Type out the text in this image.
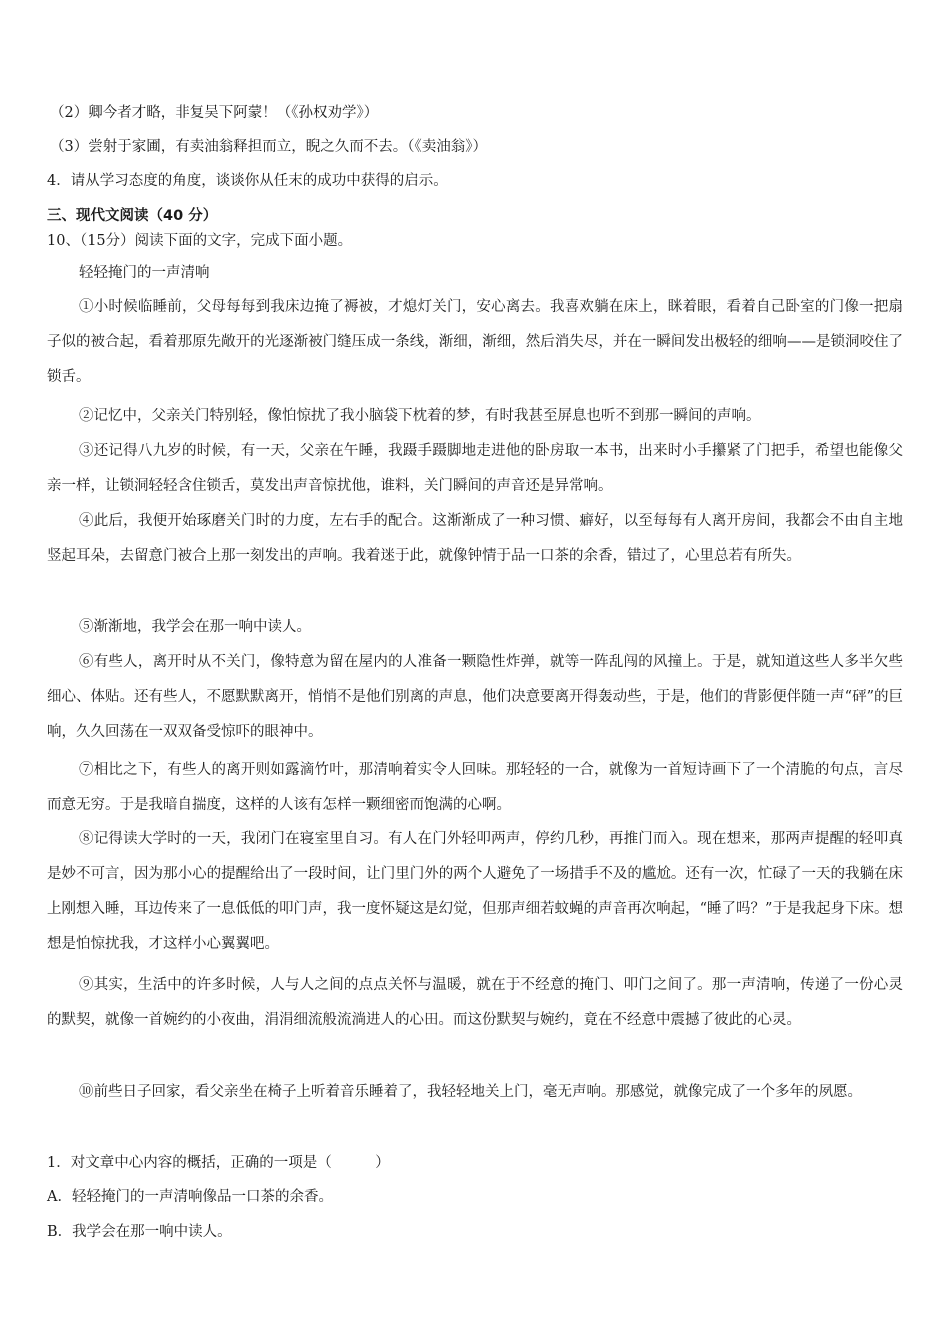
（2）卿今者才略，非复吴下阿蒙！（《孙权劝学》）
（3）尝射于家圃，有卖油翁释担而立，睨之久而不去。（《卖油翁》）
4．请从学习态度的角度，谈谈你从任末的成功中获得的启示。
三、现代文阅读（40 分）
10、（15分）阅读下面的文字，完成下面小题。
轻轻掩门的一声清响
①小时候临睡前，父母每每到我床边掩了褥被，才熄灯关门，安心离去。我喜欢躺在床上，眯着眼，看着自己卧室的门像一把扇子似的被合起，看着那原先敞开的光逐渐被门缝压成一条线，渐细，渐细，然后消失尽，并在一瞬间发出极轻的细响——是锁洞咬住了锁舌。
②记忆中，父亲关门特别轻，像怕惊扰了我小脑袋下枕着的梦，有时我甚至屏息也听不到那一瞬间的声响。
③还记得八九岁的时候，有一天，父亲在午睡，我蹑手蹑脚地走进他的卧房取一本书，出来时小手攥紧了门把手，希望也能像父亲一样，让锁洞轻轻含住锁舌，莫发出声音惊扰他，谁料，关门瞬间的声音还是异常响。
④此后，我便开始琢磨关门时的力度，左右手的配合。这渐渐成了一种习惯、癖好，以至每每有人离开房间，我都会不由自主地竖起耳朵，去留意门被合上那一刻发出的声响。我着迷于此，就像钟情于品一口茶的余香，错过了，心里总若有所失。
⑤渐渐地，我学会在那一响中读人。
⑥有些人，离开时从不关门，像特意为留在屋内的人准备一颗隐性炸弹，就等一阵乱闯的风撞上。于是，就知道这些人多半欠些细心、体贴。还有些人，不愿默默离开，悄悄不是他们别离的声息，他们决意要离开得轰动些，于是，他们的背影便伴随一声“砰”的巨响，久久回荡在一双双备受惊吓的眼神中。
⑦相比之下，有些人的离开则如露滴竹叶，那清响着实令人回味。那轻轻的一合，就像为一首短诗画下了一个清脆的句点，言尽而意无穷。于是我暗自揣度，这样的人该有怎样一颗细密而饱满的心啊。
⑧记得读大学时的一天，我闭门在寝室里自习。有人在门外轻叩两声，停约几秒，再推门而入。现在想来，那两声提醒的轻叩真是妙不可言，因为那小心的提醒给出了一段时间，让门里门外的两个人避免了一场措手不及的尴尬。还有一次，忙碌了一天的我躺在床上刚想入睡，耳边传来了一息低低的叩门声，我一度怀疑这是幻觉，但那声细若蚊蝇的声音再次响起，“睡了吗？”于是我起身下床。想想是怕惊扰我，才这样小心翼翼吧。
⑨其实，生活中的许多时候，人与人之间的点点关怀与温暖，就在于不经意的掩门、叩门之间了。那一声清响，传递了一份心灵的默契，就像一首婉约的小夜曲，涓涓细流般流淌进人的心田。而这份默契与婉约，竟在不经意中震撼了彼此的心灵。
⑩前些日子回家，看父亲坐在椅子上听着音乐睡着了，我轻轻地关上门，毫无声响。那感觉，就像完成了一个多年的夙愿。
1．对文章中心内容的概括，正确的一项是（　　　）
A．轻轻掩门的一声清响像品一口茶的余香。
B．我学会在那一响中读人。
